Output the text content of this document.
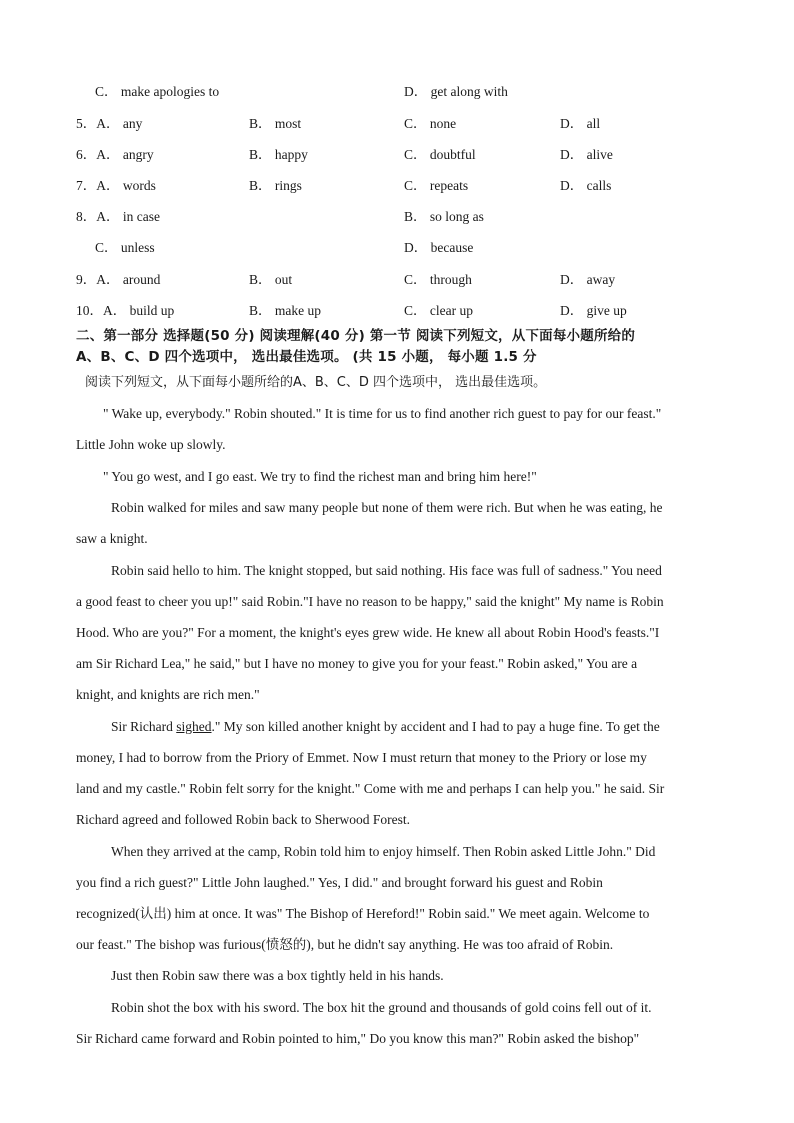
C． make apologies to	D． get along with
5．A． any	B． most	C． none	D． all
6．A． angry	B． happy	C． doubtful	D． alive
7．A． words	B． rings	C． repeats	D． calls
8．A． in case	B． so long as
C． unless	D． because
9．A． around	B． out	C． through	D． away
10．A． build up	B． make up	C． clear up	D． give up
二、第一部分 选择题(50 分) 阅读理解(40 分) 第一节 阅读下列短文，从下面每小题所给的
A、B、C、D 四个选项中， 选出最佳选项。 (共 15 小题， 每小题 1.5 分
阅读下列短文，从下面每小题所给的A、B、C、D 四个选项中， 选出最佳选项。
" Wake up, everybody." Robin shouted." It is time for us to find another rich guest to pay for our feast."
Little John woke up slowly.
" You go west, and I go east. We try to find the richest man and bring him here!"
Robin walked for miles and saw many people but none of them were rich. But when he was eating, he
saw a knight.
Robin said hello to him. The knight stopped, but said nothing. His face was full of sadness." You need
a good feast to cheer you up!" said Robin."I have no reason to be happy," said the knight" My name is Robin
Hood. Who are you?" For a moment, the knight's eyes grew wide. He knew all about Robin Hood's feasts."I
am Sir Richard Lea," he said," but I have no money to give you for your feast." Robin asked," You are a
knight, and knights are rich men."
Sir Richard sighed." My son killed another knight by accident and I had to pay a huge fine. To get the
money, I had to borrow from the Priory of Emmet. Now I must return that money to the Priory or lose my
land and my castle." Robin felt sorry for the knight." Come with me and perhaps I can help you." he said. Sir
Richard agreed and followed Robin back to Sherwood Forest.
When they arrived at the camp, Robin told him to enjoy himself. Then Robin asked Little John." Did
you find a rich guest?" Little John laughed." Yes, I did." and brought forward his guest and Robin
recognized(认出) him at once. It was" The Bishop of Hereford!" Robin said." We meet again. Welcome to
our feast." The bishop was furious(愤怒的), but he didn't say anything. He was too afraid of Robin.
Just then Robin saw there was a box tightly held in his hands.
Robin shot the box with his sword. The box hit the ground and thousands of gold coins fell out of it.
Sir Richard came forward and Robin pointed to him," Do you know this man?" Robin asked the bishop"
